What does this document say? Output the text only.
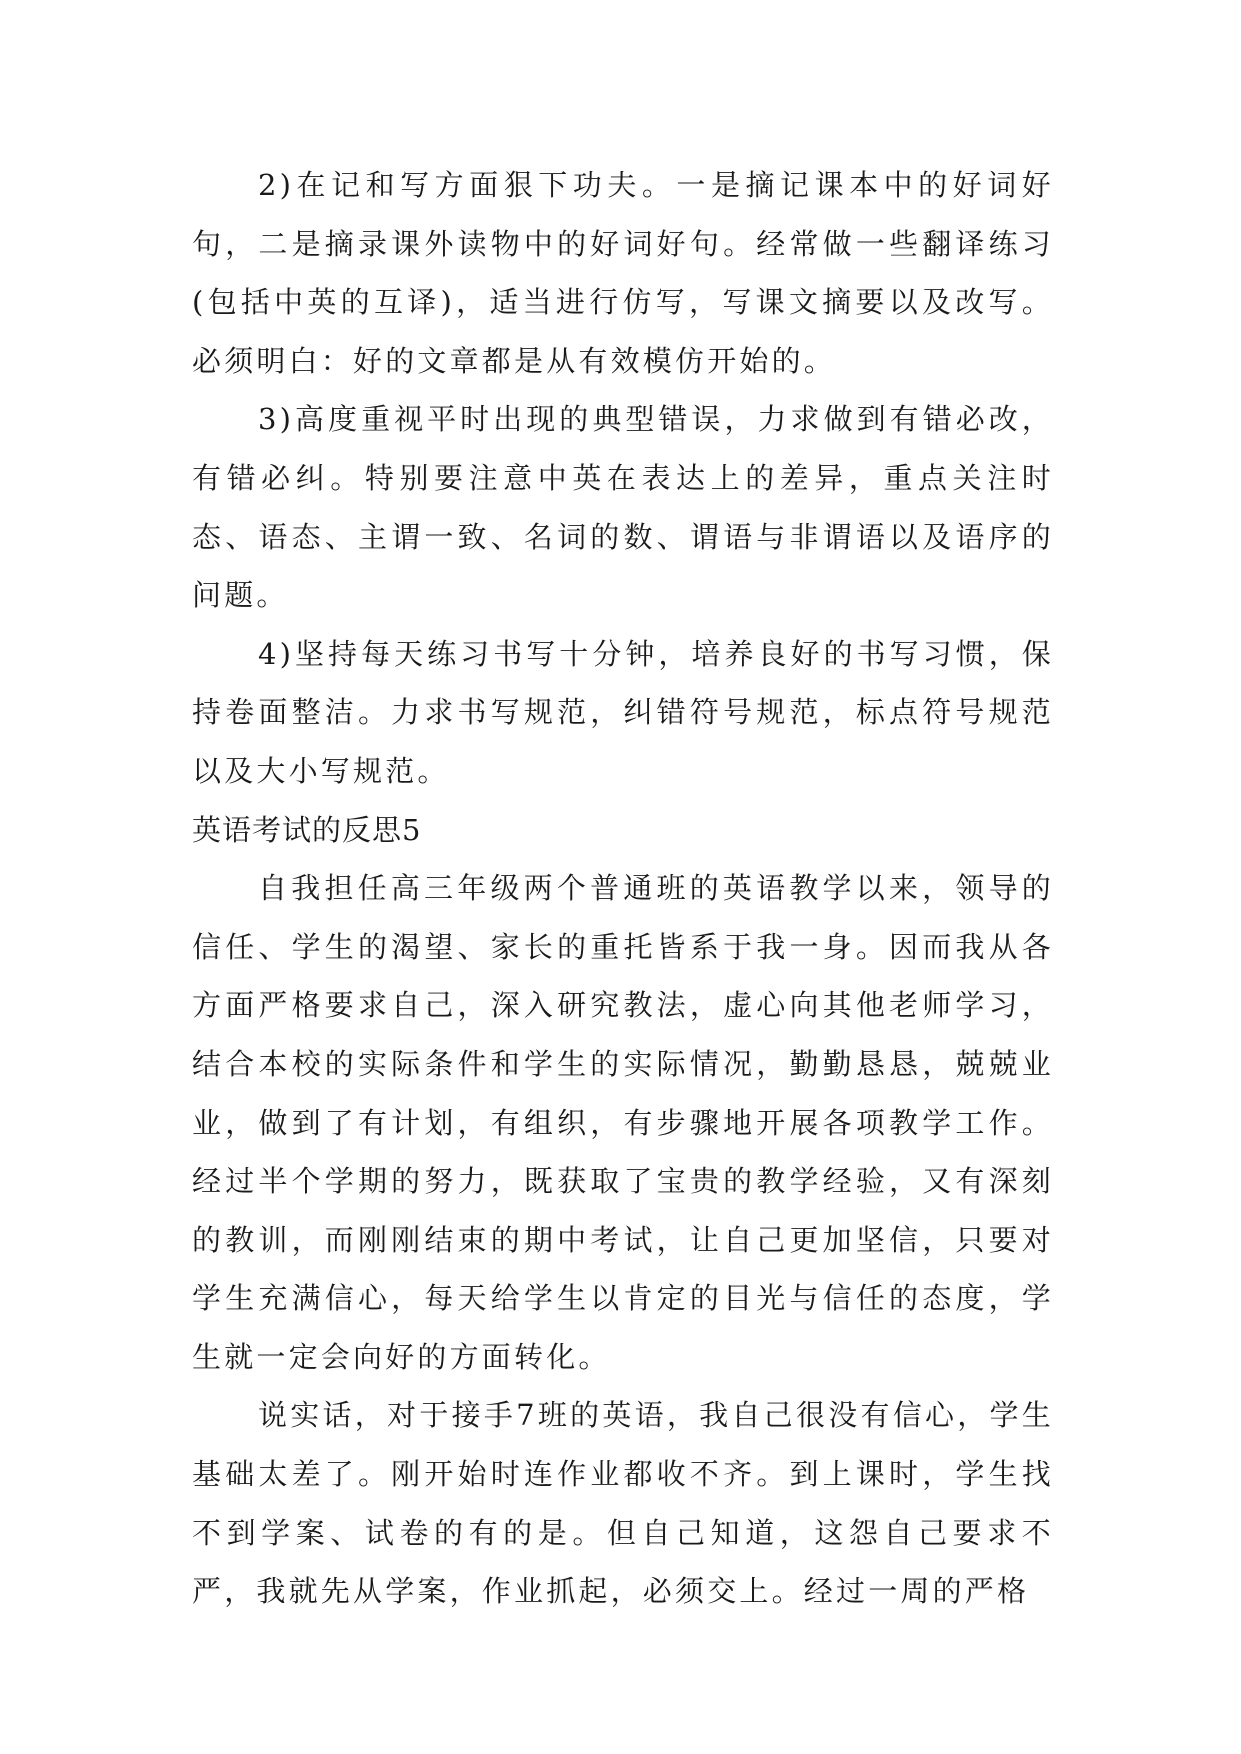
2)在记和写方面狠下功夫。一是摘记课本中的好词好句，二是摘录课外读物中的好词好句。经常做一些翻译练习(包括中英的互译)，适当进行仿写，写课文摘要以及改写。必须明白：好的文章都是从有效模仿开始的。

3)高度重视平时出现的典型错误，力求做到有错必改，有错必纠。特别要注意中英在表达上的差异，重点关注时态、语态、主谓一致、名词的数、谓语与非谓语以及语序的问题。

4)坚持每天练习书写十分钟，培养良好的书写习惯，保持卷面整洁。力求书写规范，纠错符号规范，标点符号规范以及大小写规范。

英语考试的反思5

自我担任高三年级两个普通班的英语教学以来，领导的信任、学生的渴望、家长的重托皆系于我一身。因而我从各方面严格要求自己，深入研究教法，虚心向其他老师学习，结合本校的实际条件和学生的实际情况，勤勤恳恳，兢兢业业，做到了有计划，有组织，有步骤地开展各项教学工作。经过半个学期的努力，既获取了宝贵的教学经验，又有深刻的教训，而刚刚结束的期中考试，让自己更加坚信，只要对学生充满信心，每天给学生以肯定的目光与信任的态度，学生就一定会向好的方面转化。

说实话，对于接手7班的英语，我自己很没有信心，学生基础太差了。刚开始时连作业都收不齐。到上课时，学生找不到学案、试卷的有的是。但自己知道，这怨自己要求不严，我就先从学案，作业抓起，必须交上。经过一周的严格
